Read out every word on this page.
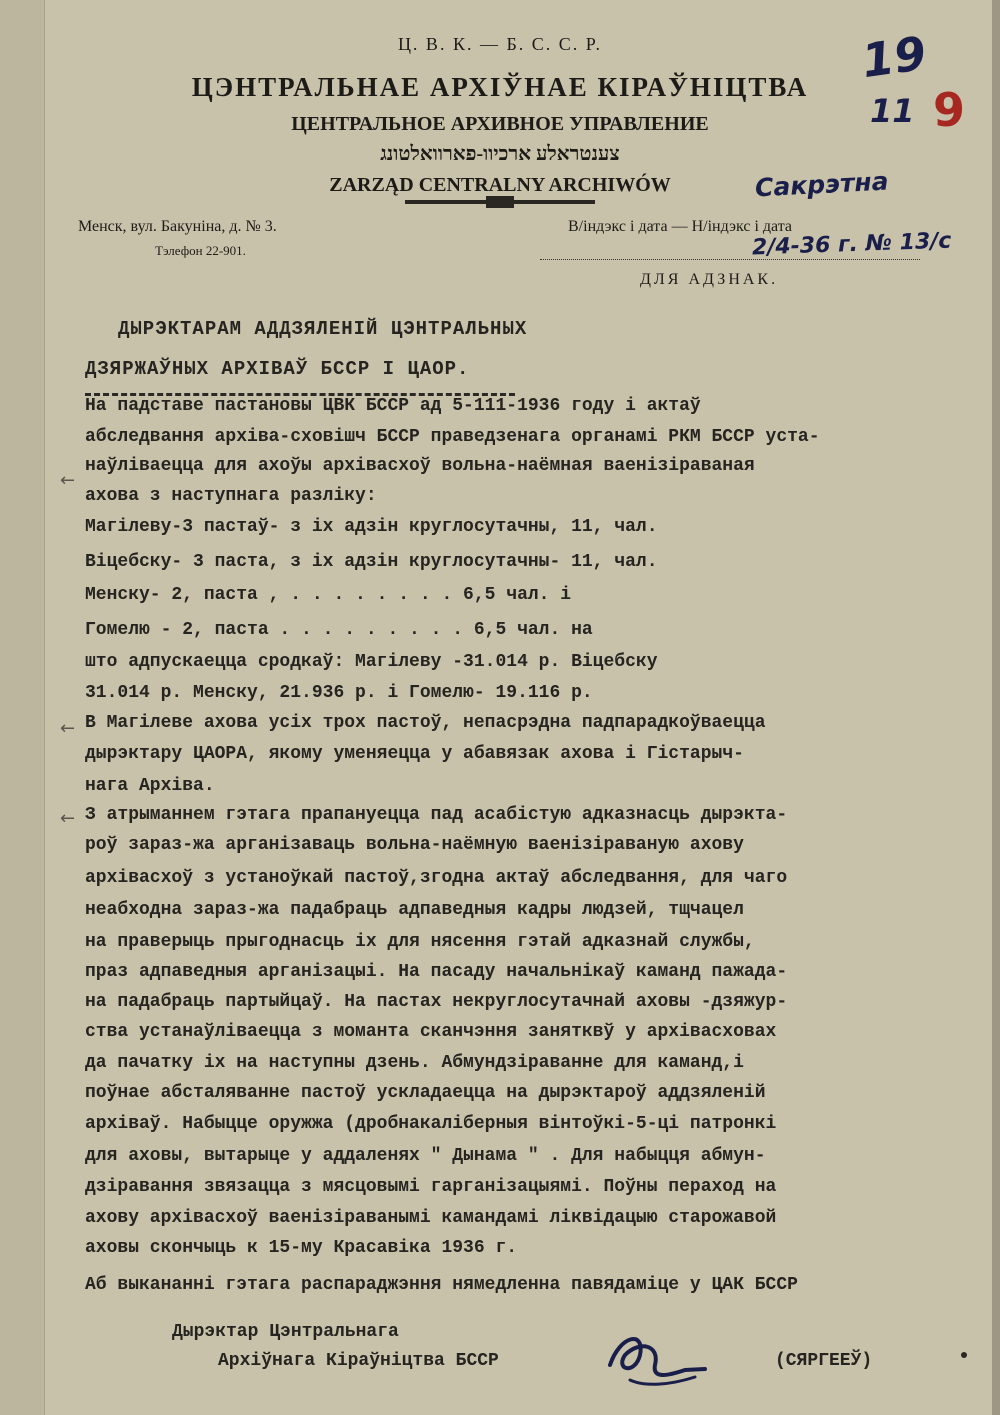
Ц. В. К. — Б. С. С. Р.
ЦЭНТРАЛЬНАЕ АРХІЎНАЕ КІРАЎНІЦТВА
ЦЕНТРАЛЬНОЕ АРХИВНОЕ УПРАВЛЕНИЕ
צענטראלע ארכיוו-פארוואלטונג
ZARZĄD CENTRALNY ARCHIWÓW
Менск, вул. Бакуніна, д. № 3.
Тэлефон 22-901.
В/індэкс і дата — Н/індэкс і дата
19
11 9
Сакрэтна
2/4-36 г. № 13/с
ДЛЯ АДЗНАК.
ДЫРЭКТАРАМ АДДЗЯЛЕНІЙ ЦЭНТРАЛЬНЫХ
ДЗЯРЖАЎНЫХ АРХІВАЎ БССР І ЦАОР.
←
←
←
На падставе пастановы ЦВК БССР ад 5-111-1936 году і актаў
абследвання архіва-сховішч БССР праведзенага органамі РКМ БССР уста-
наўліваецца для ахоўы архівасхоў вольна-наёмная ваенізіраваная
ахова з наступнага разліку:
Магілеву-3 пастаў- з іх адзін круглосутачны, 11, чал.
Віцебску- 3 паста, з іх адзін круглосутачны- 11, чал.
Менску- 2, паста , . . . . . . . . 6,5 чал. і
Гомелю - 2, паста . . . . . . . . . 6,5 чал. на
што адпускаецца сродкаў: Магілеву -31.014 р. Віцебску
31.014 р. Менску, 21.936 р. і Гомелю- 19.116 р.
В Магілеве ахова усіх трох пастоў, непасрэдна падпарадкоўваецца
дырэктару ЦАОРА, якому уменяецца у абавязак ахова і Гістарыч-
нага Архіва.
З атрыманнем гэтага прапануецца пад асабістую адказнасць дырэкта-
роў зараз-жа арганізаваць вольна-наёмную ваенізіраваную ахову
архівасхоў з устаноўкай пастоў,згодна актаў абследвання, для чаго
неабходна зараз-жа падабраць адпаведныя кадры людзей, тщчацел
на праверыць прыгоднасць іх для нясення гэтай адказнай службы,
праз адпаведныя арганізацыі. На пасаду начальнікаў каманд пажада-
на падабраць партыйцаў. На пастах некруглосутачнай аховы -дзяжур-
ства устанаўліваецца з моманта сканчэння занятквў у архівасховах
да пачатку іх на наступны дзень. Абмундзіраванне для каманд,і
поўнае абсталяванне пастоў ускладаецца на дырэктароў аддзяленій
архіваў. Набыцце оружжа (дробнакаліберныя вінтоўкі-5-ці патронкі
для аховы, вытарыце у аддаленях " Дынама " . Для набыцця абмун-
дзіравання звязацца з мясцовымі гарганізацыямі. Поўны пераход на
ахову архівасхоў ваенізіраванымі камандамі ліквідацыю старожавой
аховы скончыць к 15-му Красавіка 1936 г.
Аб выкананні гэтага распараджэння нямедленна павядаміце у ЦАК БССР
Дырэктар Цэнтральнага
Архіўнага Кіраўніцтва БССР	(СЯРГЕЕЎ)
